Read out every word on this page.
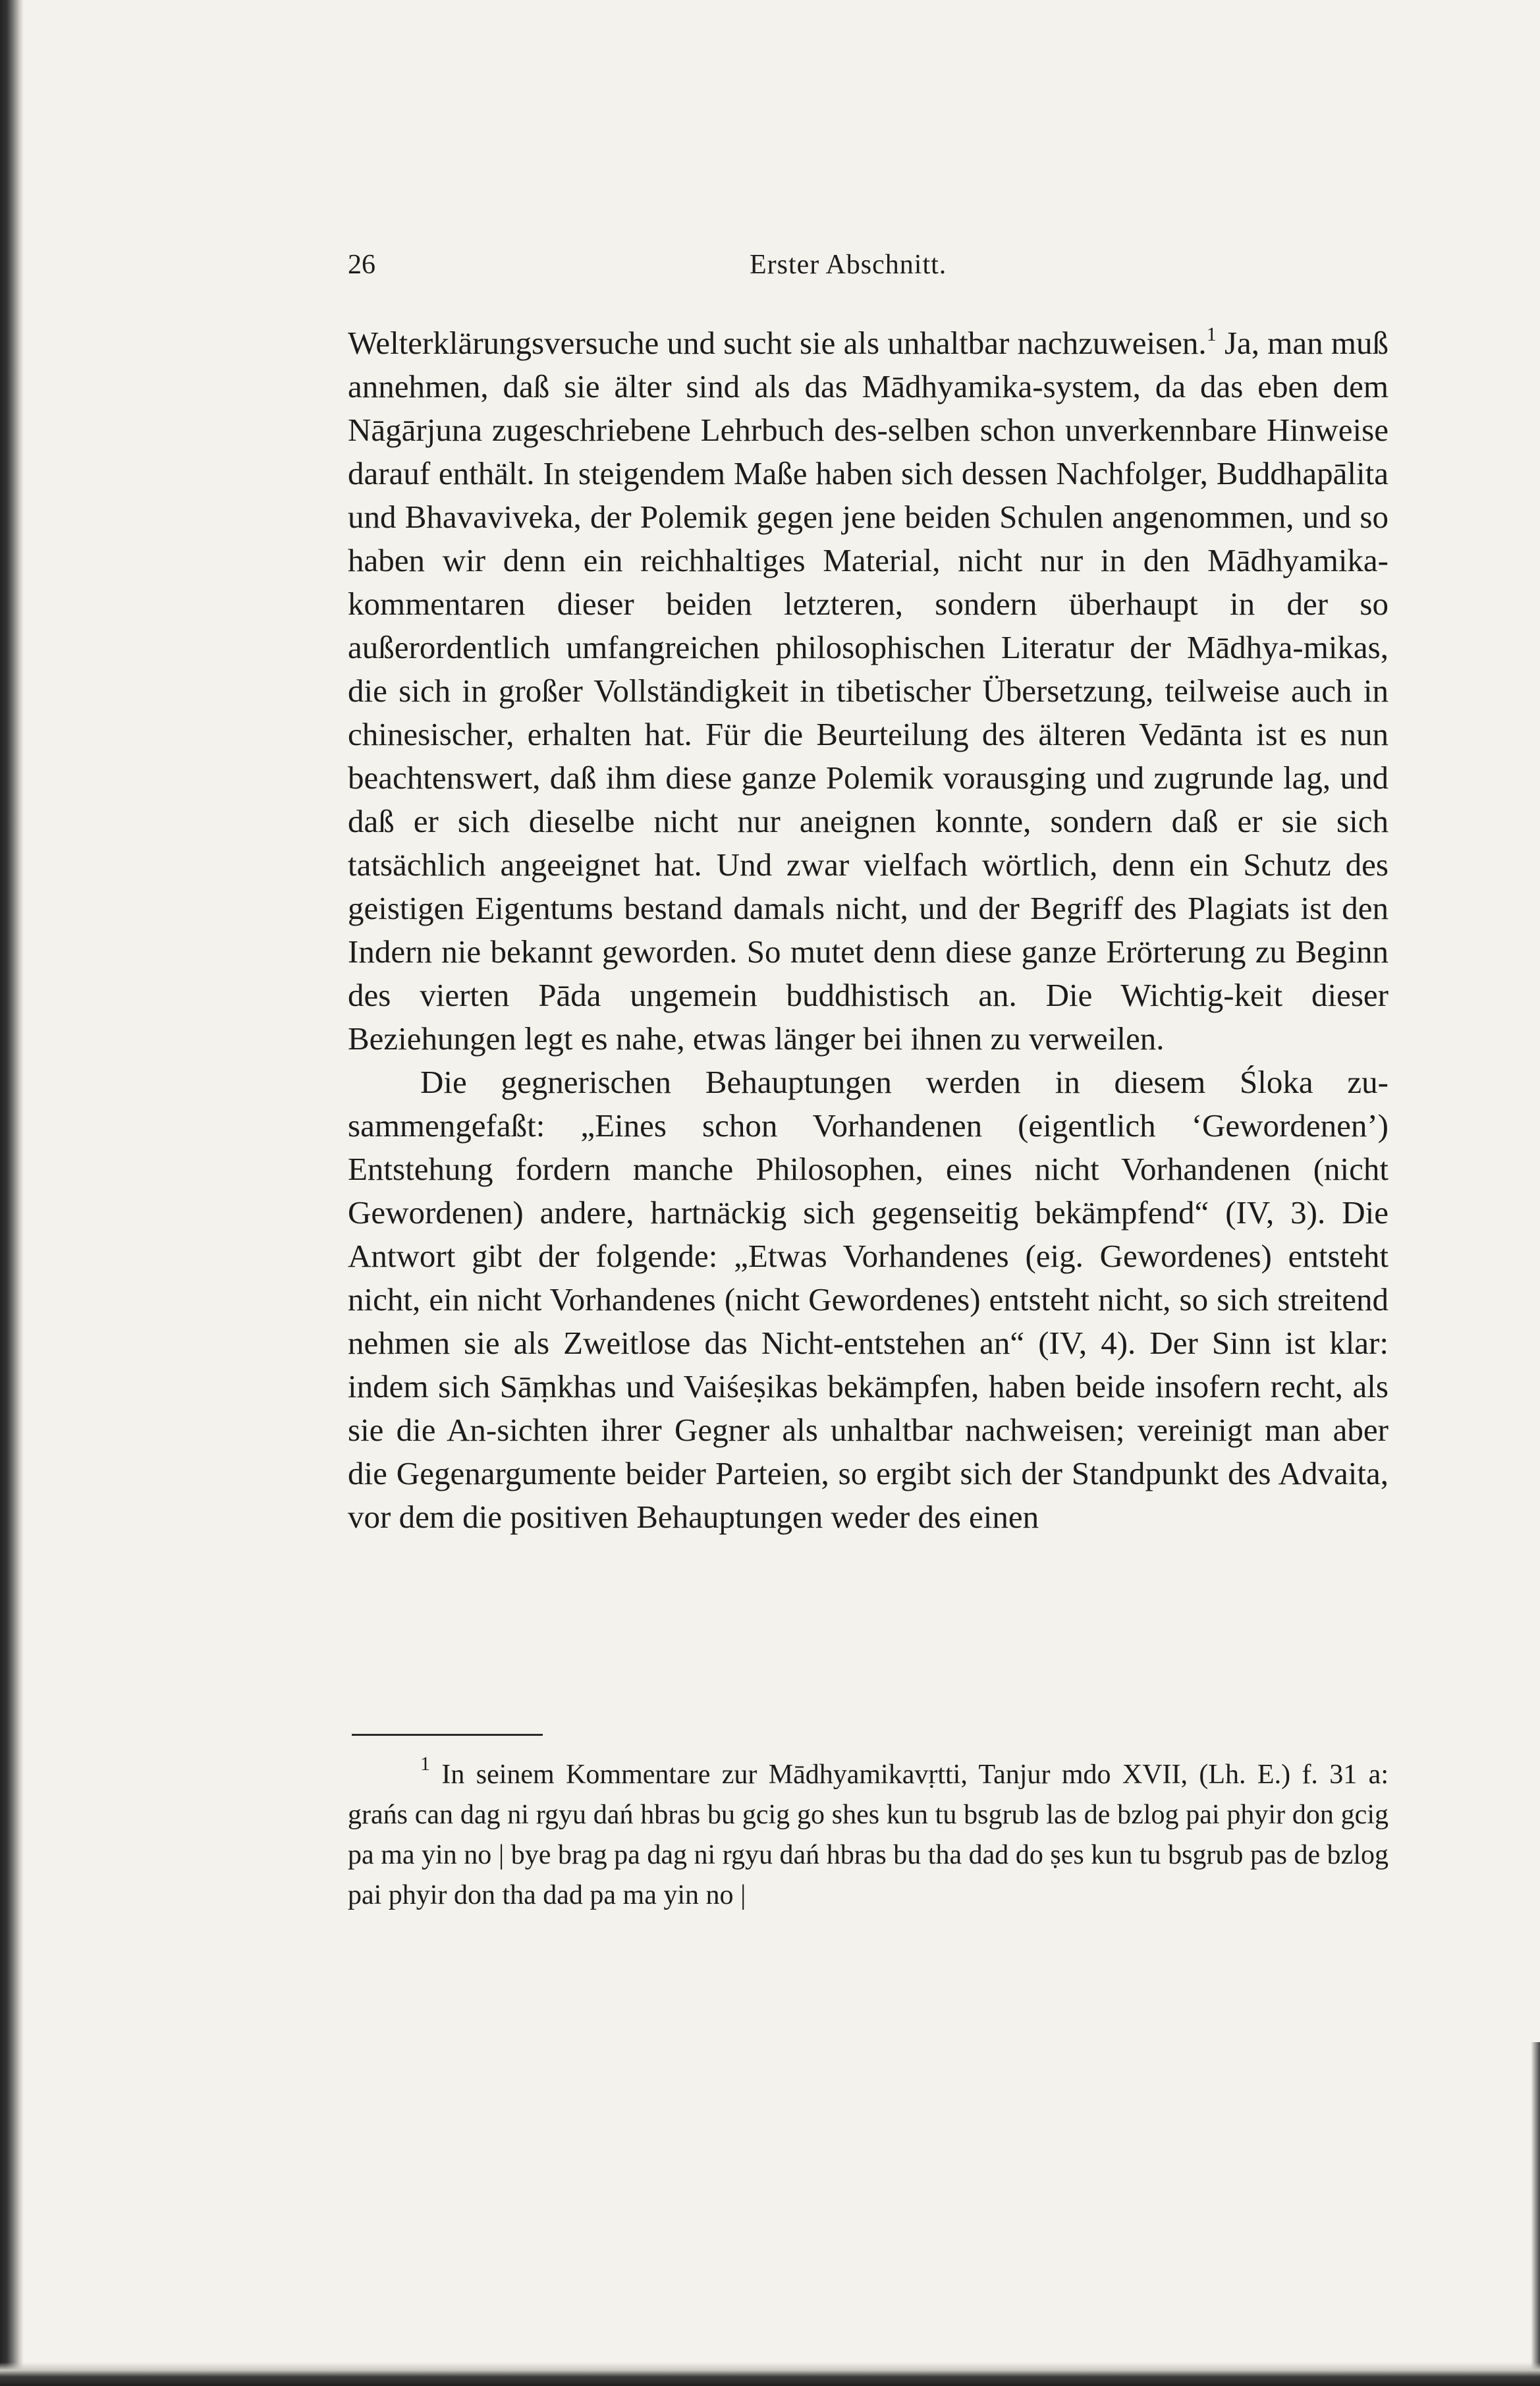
26	Erster Abschnitt.

Welterklärungsversuche und sucht sie als unhaltbar nachzuweisen.$^1$ Ja, man muß annehmen, daß sie älter sind als das Mādhyamika-system, da das eben dem Nāgārjuna zugeschriebene Lehrbuch des-selben schon unverkennbare Hinweise darauf enthält. In steigendem Maße haben sich dessen Nachfolger, Buddhapālita und Bhavaviveka, der Polemik gegen jene beiden Schulen angenommen, und so haben wir denn ein reichhaltiges Material, nicht nur in den Mādhyamika-kommentaren dieser beiden letzteren, sondern überhaupt in der so außerordentlich umfangreichen philosophischen Literatur der Mādhya-mikas, die sich in großer Vollständigkeit in tibetischer Übersetzung, teilweise auch in chinesischer, erhalten hat. Für die Beurteilung des älteren Vedānta ist es nun beachtenswert, daß ihm diese ganze Polemik vorausging und zugrunde lag, und daß er sich dieselbe nicht nur aneignen konnte, sondern daß er sie sich tatsächlich angeeignet hat. Und zwar vielfach wörtlich, denn ein Schutz des geistigen Eigentums bestand damals nicht, und der Begriff des Plagiats ist den Indern nie bekannt geworden. So mutet denn diese ganze Erörterung zu Beginn des vierten Pāda ungemein buddhistisch an. Die Wichtig-keit dieser Beziehungen legt es nahe, etwas länger bei ihnen zu verweilen.

Die gegnerischen Behauptungen werden in diesem Śloka zu-sammengefaßt: „Eines schon Vorhandenen (eigentlich ‘Gewordenen’) Entstehung fordern manche Philosophen, eines nicht Vorhandenen (nicht Gewordenen) andere, hartnäckig sich gegenseitig bekämpfend“ (IV, 3). Die Antwort gibt der folgende: „Etwas Vorhandenes (eig. Gewordenes) entsteht nicht, ein nicht Vorhandenes (nicht Gewordenes) entsteht nicht, so sich streitend nehmen sie als Zweitlose das Nicht-entstehen an“ (IV, 4). Der Sinn ist klar: indem sich Sāṃkhas und Vaiśeṣikas bekämpfen, haben beide insofern recht, als sie die An-sichten ihrer Gegner als unhaltbar nachweisen; vereinigt man aber die Gegenargumente beider Parteien, so ergibt sich der Standpunkt des Advaita, vor dem die positiven Behauptungen weder des einen

$^1$ In seinem Kommentare zur Mādhyamikavṛtti, Tanjur mdo XVII, (Lh. E.) f. 31 a: grańs can dag ni rgyu dań hbras bu gcig go shes kun tu bsgrub las de bzlog pai phyir don gcig pa ma yin no | bye brag pa dag ni rgyu dań hbras bu tha dad do ṣes kun tu bsgrub pas de bzlog pai phyir don tha dad pa ma yin no |
